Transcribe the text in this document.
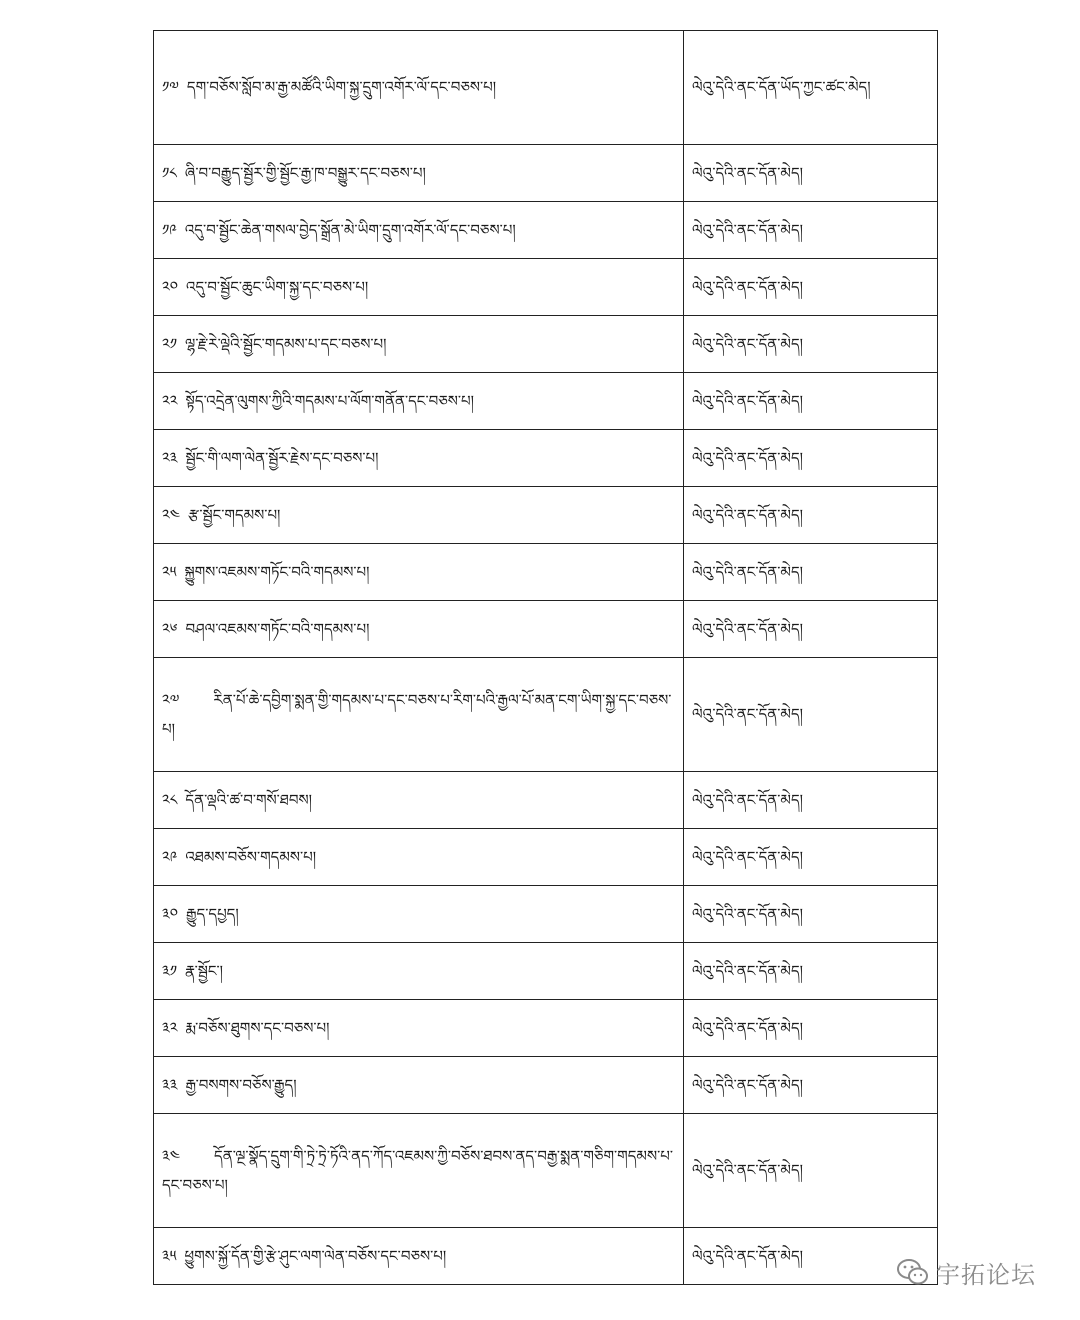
༡༧ དག་བཅོས་སློབ་མ་རྒྱ་མཚོའི་ཡིག་སྐྱ་དྲུག་འགོར་ལོ་དང་བཅས་པ།	ལེའུ་དེའི་ནང་དོན་ཡོད་ཀྱང་ཚང་མེད།
༡༨ ཞི་བ་བརྒྱུད་སྦྱོར་གྱི་སྦྱོང་རྒྱ་ཁ་བསྒྱུར་དང་བཅས་པ།	ལེའུ་དེའི་ནང་དོན་མེད།
༡༩ འདུ་བ་སྦྱོང་ཆེན་གསལ་བྱེད་སྒྲོན་མེ་ཡིག་དྲུག་འགོར་ལོ་དང་བཅས་པ།	ལེའུ་དེའི་ནང་དོན་མེད།
༢༠ འདུ་བ་སྦྱོང་ཆུང་ཡིག་སྐྱ་དང་བཅས་པ།	ལེའུ་དེའི་ནང་དོན་མེད།
༢༡ ལྷ་རྗེ་རེ་ལྡེའི་སྦྱོང་གདམས་པ་དང་བཅས་པ།	ལེའུ་དེའི་ནང་དོན་མེད།
༢༢ སྟོད་འདྲེན་ལུགས་ཀྱིའི་གདམས་པ་ལོག་གནོན་དང་བཅས་པ།	ལེའུ་དེའི་ནང་དོན་མེད།
༢༣ སྦྱོང་གི་ལག་ལེན་སྦྱོར་རྗེས་དང་བཅས་པ།	ལེའུ་དེའི་ནང་དོན་མེད།
༢༤ རྩ་སྦྱོང་གདམས་པ།	ལེའུ་དེའི་ནང་དོན་མེད།
༢༥ སྐྱུགས་འཇམས་གཏོང་བའི་གདམས་པ།	ལེའུ་དེའི་ནང་དོན་མེད།
༢༦ བཤལ་འཇམས་གཏོང་བའི་གདམས་པ།	ལེའུ་དེའི་ནང་དོན་མེད།
༢༧ རིན་པོ་ཆེ་དབྱིག་སྨན་གྱི་གདམས་པ་དང་བཅས་པ་རིག་པའི་རྒྱལ་པོ་མན་ངག་ཡིག་སྐྱ་དང་བཅས་པ།	ལེའུ་དེའི་ནང་དོན་མེད།
༢༨ དོན་ལྡའི་ཚ་བ་གསོ་ཐབས།	ལེའུ་དེའི་ནང་དོན་མེད།
༢༩ འཐམས་བཅོས་གདམས་པ།	ལེའུ་དེའི་ནང་དོན་མེད།
༣༠ རྒྱུད་དཔྱད།	ལེའུ་དེའི་ནང་དོན་མེད།
༣༡ རྣ་སྦྱོང་།	ལེའུ་དེའི་ནང་དོན་མེད།
༣༢ རྨ་བཅོས་ཐུགས་དང་བཅས་པ།	ལེའུ་དེའི་ནང་དོན་མེད།
༣༣ རྒྱ་བསགས་བཅོས་རྒྱུད།	ལེའུ་དེའི་ནང་དོན་མེད།
༣༤ དོན་ལྔ་སྣོད་དྲུག་གི་ཏྲེ་ཏྲེ་ཏོའི་ནད་ཀོད་འཇམས་ཀྱི་བཅོས་ཐབས་ནད་བརྒྱ་སྨན་གཅིག་གདམས་པ་དང་བཅས་པ།	ལེའུ་དེའི་ནང་དོན་མེད།
༣༥ ཕྱུགས་སྐྱོ་དོན་གྱི་རྩེ་ཤུང་ལག་ལེན་བཅོས་དང་བཅས་པ།	ལེའུ་དེའི་ནང་དོན་མེད།
宇拓论坛
